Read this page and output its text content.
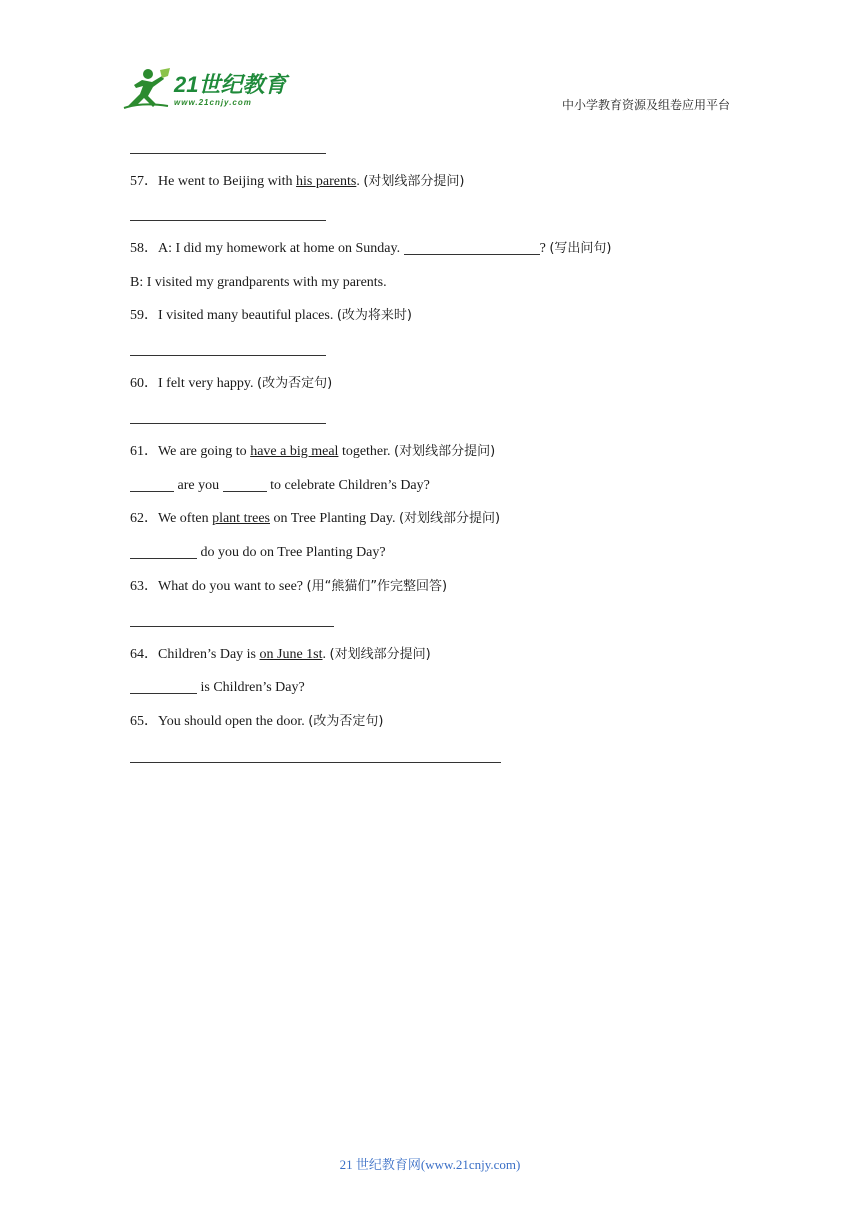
21世纪教育
www.21cnjy.com	中小学教育资源及组卷应用平台
57．He went to Beijing with his parents. (对划线部分提问)
58．A: I did my homework at home on Sunday.	? (写出问句)
B: I visited my grandparents with my parents.
59．I visited many beautiful places. (改为将来时)
60．I felt very happy. (改为否定句)
61．We are going to have a big meal together. (对划线部分提问)
are you	to celebrate Children’s Day?
62．We often plant trees on Tree Planting Day. (对划线部分提问)
do you do on Tree Planting Day?
63．What do you want to see? (用“熊猫们”作完整回答)
64．Children’s Day is on June 1st. (对划线部分提问)
is Children’s Day?
65．You should open the door. (改为否定句)
21 世纪教育网(www.21cnjy.com)
